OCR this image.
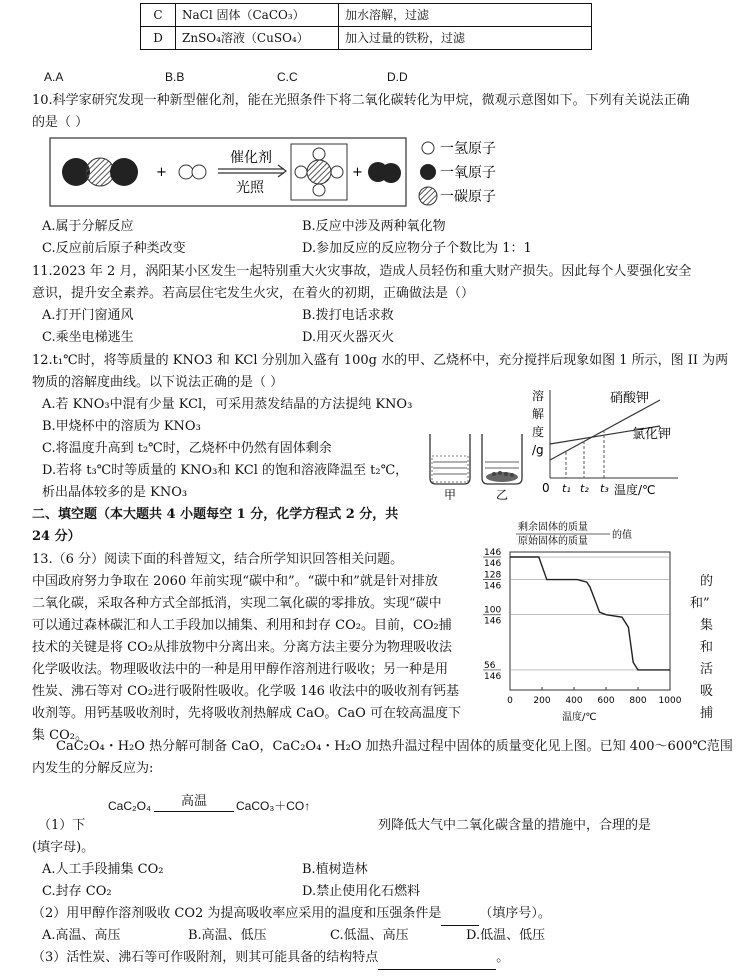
C	NaCl 固体（CaCO₃）	加水溶解，过滤
D	ZnSO₄溶液（CuSO₄）	加入过量的铁粉，过滤
A.A	B.B	C.C	D.D
10.科学家研究发现一种新型催化剂，能在光照条件下将二氧化碳转化为甲烷，微观示意图如下。下列有关说法正确
的是（ ）
+
催化剂
光照
+
一氢原子
一氧原子
一碳原子
A.属于分解反应	B.反应中涉及两种氧化物
C.反应前后原子种类改变	D.参加反应的反应物分子个数比为 1：1
11.2023 年 2 月，涡阳某小区发生一起特别重大火灾事故，造成人员轻伤和重大财产损失。因此每个人要强化安全
意识，提升安全素养。若高层住宅发生火灾，在着火的初期，正确做法是（）
A.打开门窗通风	B.拨打电话求救
C.乘坐电梯逃生	D.用灭火器灭火
12.t₁℃时，将等质量的 KNO3 和 KCl 分别加入盛有 100g 水的甲、乙烧杯中，充分搅拌后现象如图 1 所示，图 II 为两
物质的溶解度曲线。以下说法正确的是（ ）
A.若 KNO₃中混有少量 KCl，可采用蒸发结晶的方法提纯 KNO₃
B.甲烧杯中的溶质为 KNO₃
C.将温度升高到 t₂℃时，乙烧杯中仍然有固体剩余
D.若将 t₃℃时等质量的 KNO₃和 KCl 的饱和溶液降温至 t₂℃，
析出晶体较多的是 KNO₃	甲	乙
溶
解
度
/g
硝酸钾
氯化钾
0 t₁ t₂ t₃ 温度/℃
二、填空题（本大题共 4 小题每空 1 分，化学方程式 2 分，共
24 分）
13.（6 分）阅读下面的科普短文，结合所学知识回答相关问题。
中国政府努力争取在 2060 年前实现“碳中和”。“碳中和”就是针对排放	的
二氧化碳，采取各种方式全部抵消，实现二氧化碳的零排放。实现“碳中	和”
可以通过森林碳汇和人工手段加以捕集、利用和封存 CO₂。目前，CO₂捕	集
技术的关键是将 CO₂从排放物中分离出来。分离方法主要分为物理吸收法	和
化学吸收法。物理吸收法中的一种是用甲醇作溶剂进行吸收；另一种是用	活
性炭、沸石等对 CO₂进行吸附性吸收。化学吸 146 收法中的吸收剂有钙基	吸
收剂等。用钙基吸收剂时，先将吸收剂热解成 CaO。CaO 可在较高温度下	捕
集 CO₂。
剩余固体的质量
原始固体的质量
的值
146
146
128
146
100
146
56
146
0 200 400 600 800 1000
温度/℃
CaC₂O₄・H₂O 热分解可制备 CaO，CaC₂O₄・H₂O 加热升温过程中固体的质量变化见上图。已知 400～600℃范围
内发生的分解反应为:
CaC₂O₄	高温	CaCO₃＋CO↑
（1）下	列降低大气中二氧化碳含量的措施中，合理的是
(填字母)。
A.人工手段捕集 CO₂	B.植树造林
C.封存 CO₂	D.禁止使用化石燃料
（2）用甲醇作溶剂吸收 CO2 为提高吸收率应采用的温度和压强条件是	（填序号）。
A.高温、高压	B.高温、低压	C.低温、高压	D.低温、低压
（3）活性炭、沸石等可作吸附剂，则其可能具备的结构特点	。
